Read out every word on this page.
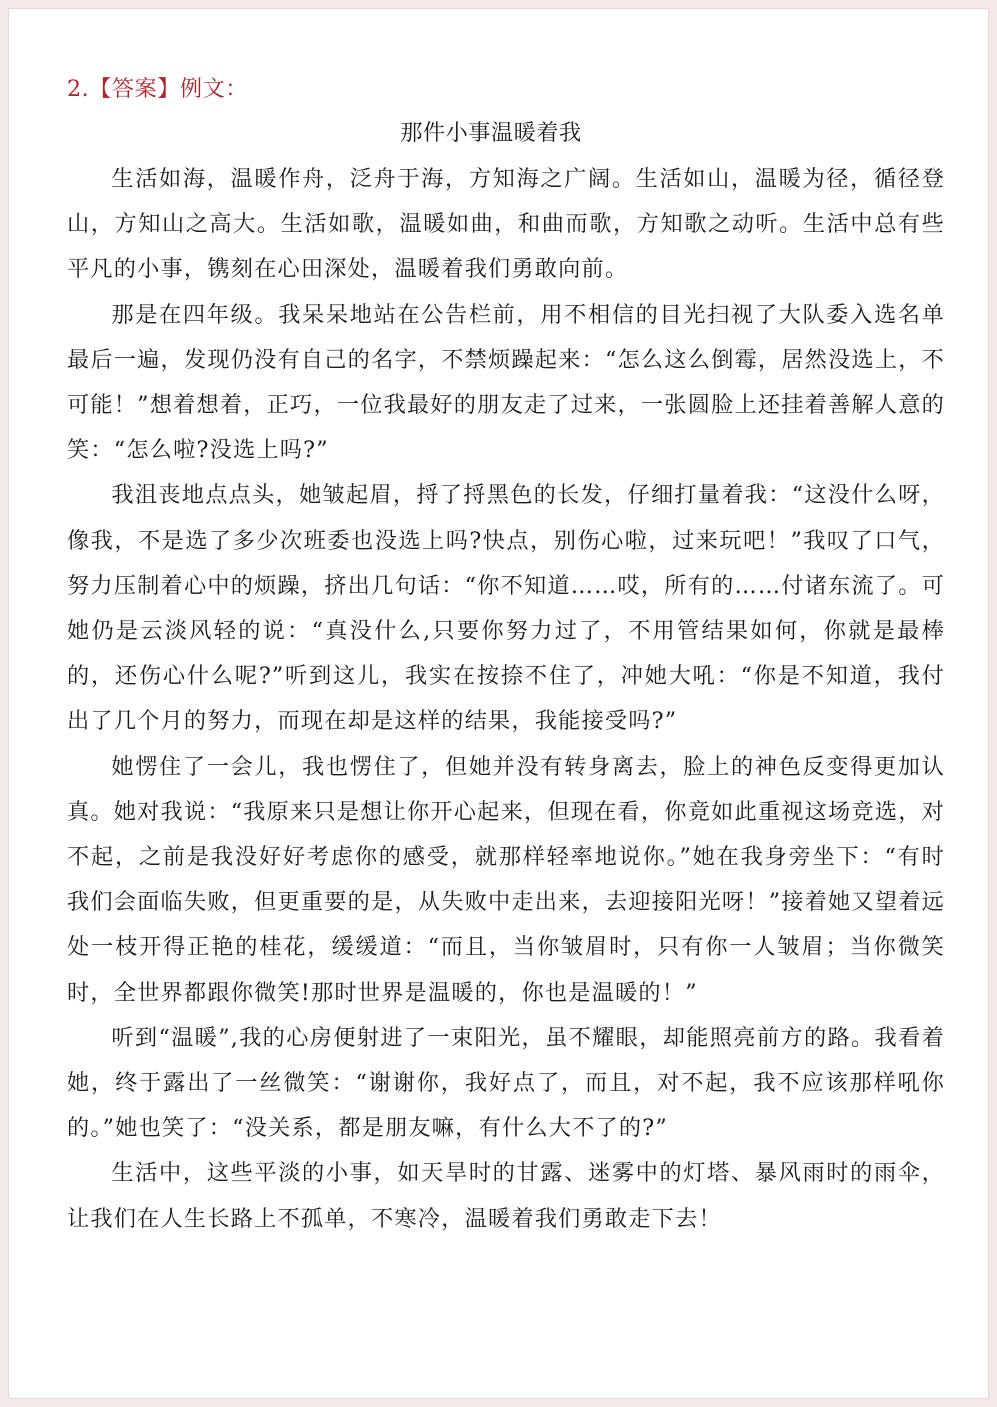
2.【答案】例文：

那件小事温暖着我

生活如海，温暖作舟，泛舟于海，方知海之广阔。生活如山，温暖为径，循径登山，方知山之高大。生活如歌，温暖如曲，和曲而歌，方知歌之动听。生活中总有些平凡的小事，镌刻在心田深处，温暖着我们勇敢向前。

那是在四年级。我呆呆地站在公告栏前，用不相信的目光扫视了大队委入选名单最后一遍，发现仍没有自己的名字，不禁烦躁起来：“怎么这么倒霉，居然没选上，不可能！”想着想着，正巧，一位我最好的朋友走了过来，一张圆脸上还挂着善解人意的笑：“怎么啦?没选上吗?”

我沮丧地点点头，她皱起眉，捋了捋黑色的长发，仔细打量着我：“这没什么呀，像我，不是选了多少次班委也没选上吗?快点，别伤心啦，过来玩吧！”我叹了口气，努力压制着心中的烦躁，挤出几句话：“你不知道……哎，所有的……付诸东流了。可她仍是云淡风轻的说：“真没什么,只要你努力过了，不用管结果如何，你就是最棒的，还伤心什么呢?”听到这儿，我实在按捺不住了，冲她大吼：“你是不知道，我付出了几个月的努力，而现在却是这样的结果，我能接受吗?”

她愣住了一会儿，我也愣住了，但她并没有转身离去，脸上的神色反变得更加认真。她对我说：“我原来只是想让你开心起来，但现在看，你竟如此重视这场竞选，对不起，之前是我没好好考虑你的感受，就那样轻率地说你。”她在我身旁坐下：“有时我们会面临失败，但更重要的是，从失败中走出来，去迎接阳光呀！”接着她又望着远处一枝开得正艳的桂花，缓缓道：“而且，当你皱眉时，只有你一人皱眉；当你微笑时，全世界都跟你微笑!那时世界是温暖的，你也是温暖的！”

听到“温暖”,我的心房便射进了一束阳光，虽不耀眼，却能照亮前方的路。我看着她，终于露出了一丝微笑：“谢谢你，我好点了，而且，对不起，我不应该那样吼你的。”她也笑了：“没关系，都是朋友嘛，有什么大不了的?”

生活中，这些平淡的小事，如天旱时的甘露、迷雾中的灯塔、暴风雨时的雨伞，让我们在人生长路上不孤单，不寒冷，温暖着我们勇敢走下去！
